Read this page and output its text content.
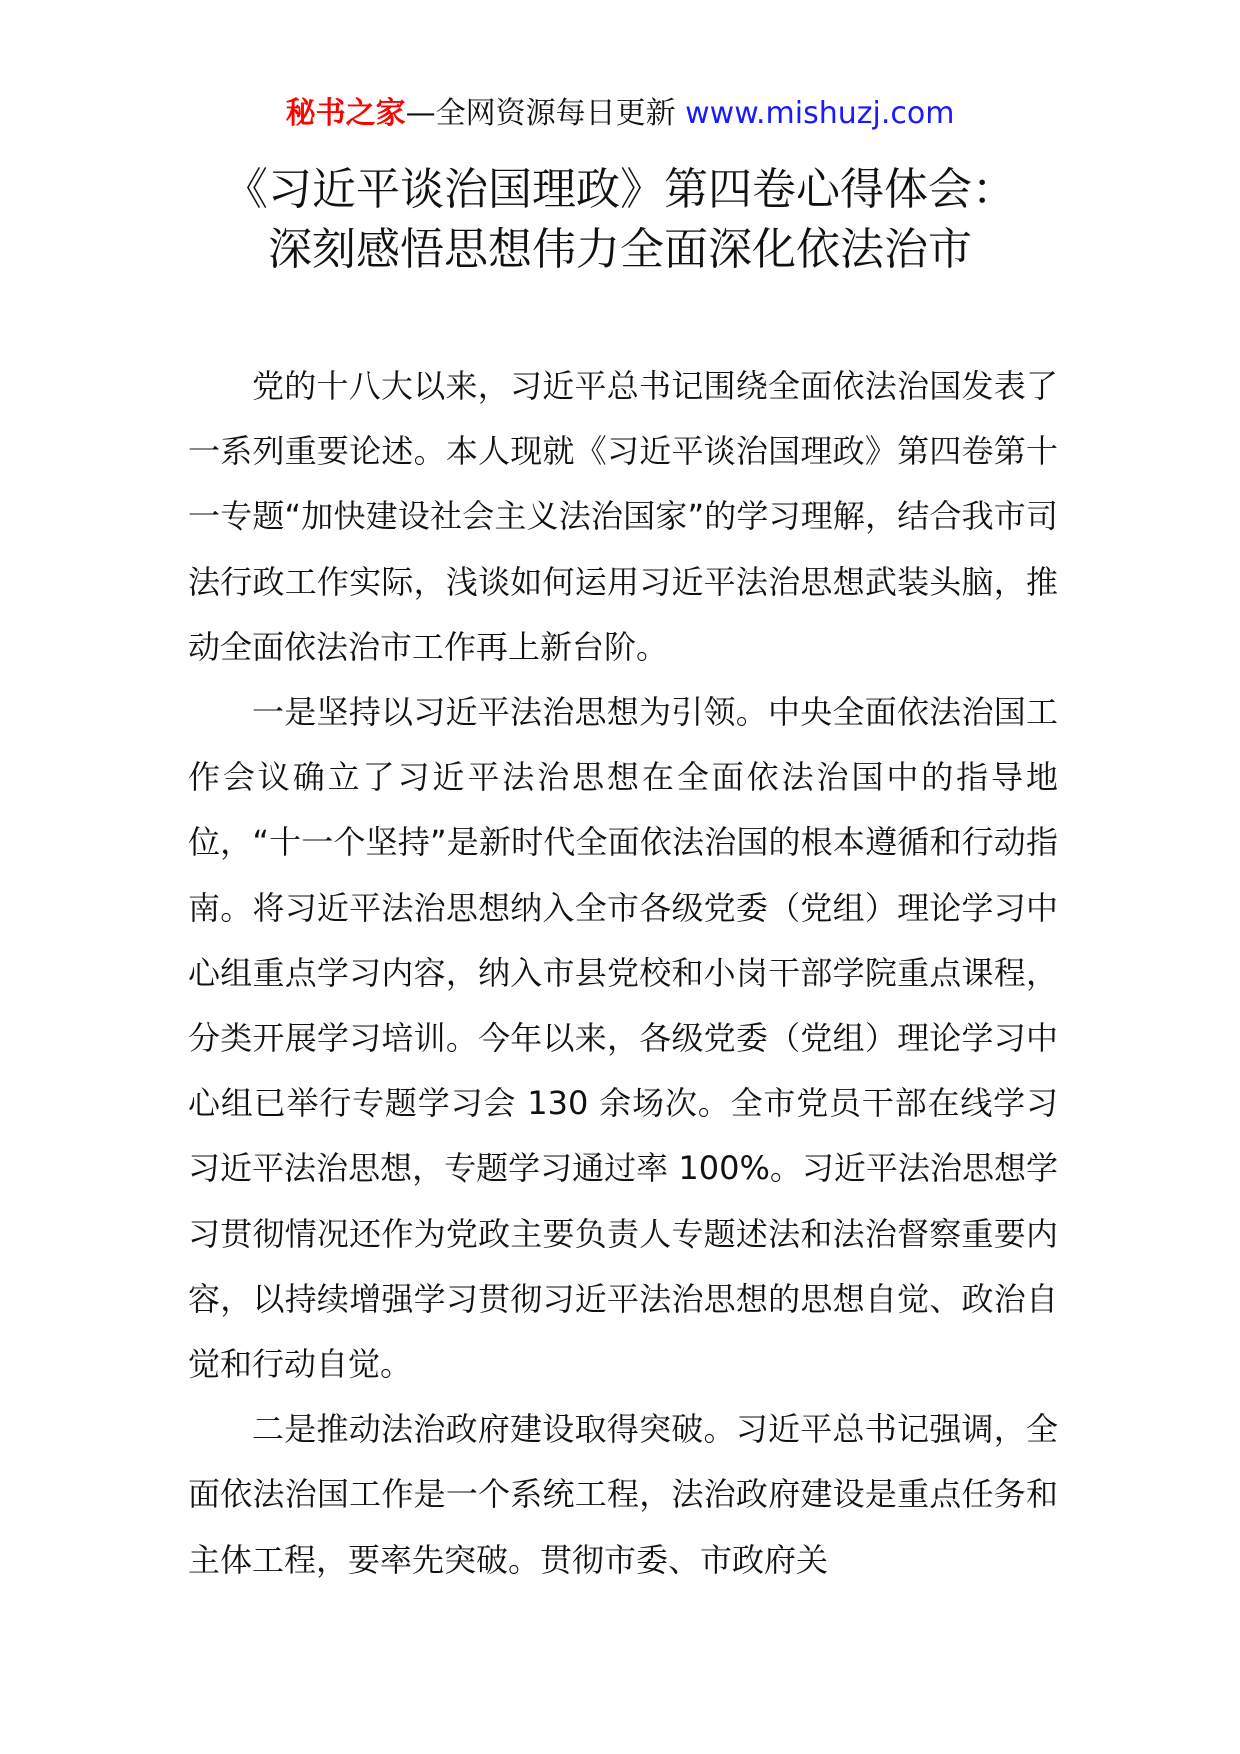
秘书之家—全网资源每日更新 www.mishuzj.com
《习近平谈治国理政》第四卷心得体会：
深刻感悟思想伟力全面深化依法治市

党的十八大以来，习近平总书记围绕全面依法治国发表了一系列重要论述。本人现就《习近平谈治国理政》第四卷第十一专题“加快建设社会主义法治国家”的学习理解，结合我市司法行政工作实际，浅谈如何运用习近平法治思想武装头脑，推动全面依法治市工作再上新台阶。

一是坚持以习近平法治思想为引领。中央全面依法治国工作会议确立了习近平法治思想在全面依法治国中的指导地位，“十一个坚持”是新时代全面依法治国的根本遵循和行动指南。将习近平法治思想纳入全市各级党委（党组）理论学习中心组重点学习内容，纳入市县党校和小岗干部学院重点课程，分类开展学习培训。今年以来，各级党委（党组）理论学习中心组已举行专题学习会 130 余场次。全市党员干部在线学习习近平法治思想，专题学习通过率 100%。习近平法治思想学习贯彻情况还作为党政主要负责人专题述法和法治督察重要内容，以持续增强学习贯彻习近平法治思想的思想自觉、政治自觉和行动自觉。

二是推动法治政府建设取得突破。习近平总书记强调，全面依法治国工作是一个系统工程，法治政府建设是重点任务和主体工程，要率先突破。贯彻市委、市政府关
